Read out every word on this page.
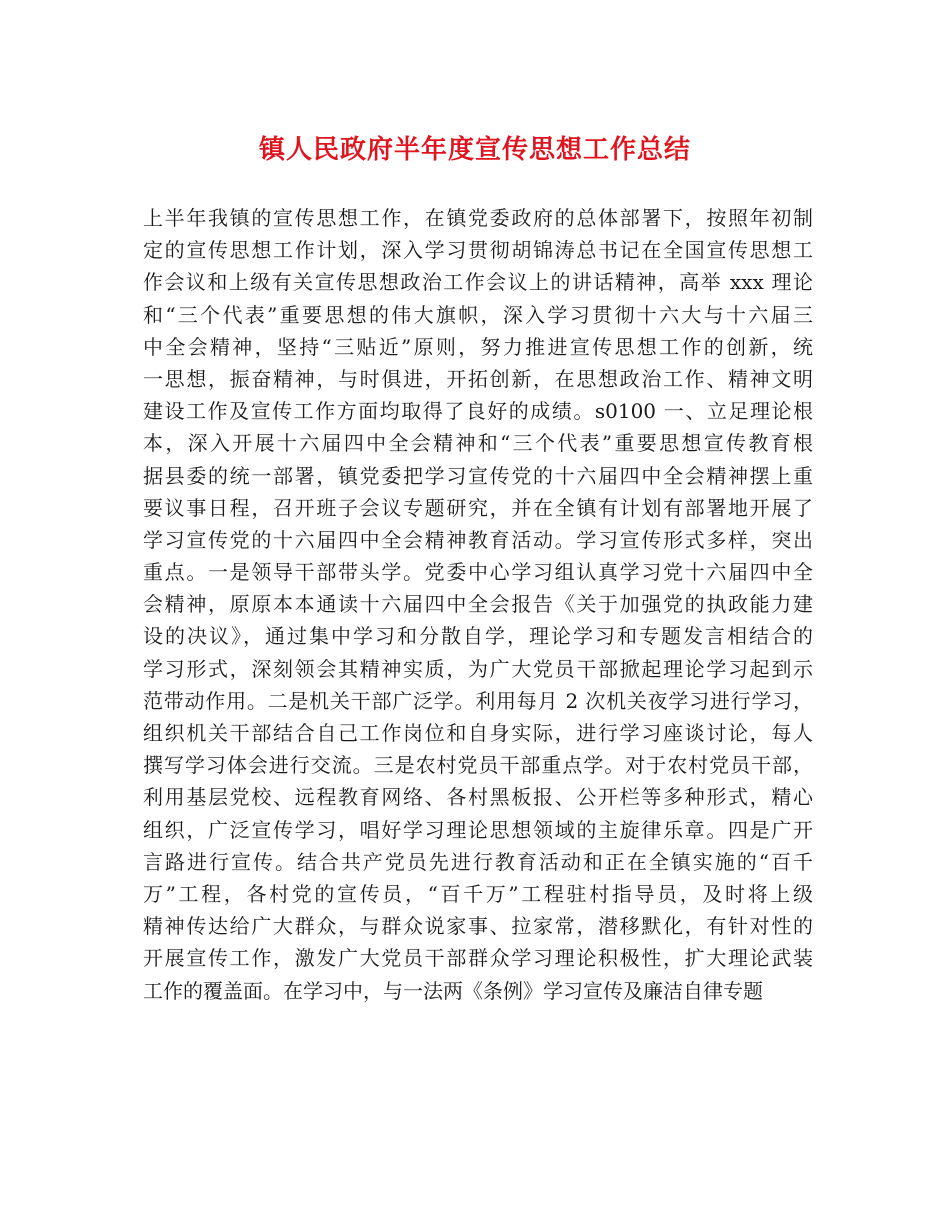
镇人民政府半年度宣传思想工作总结
上半年我镇的宣传思想工作，在镇党委政府的总体部署下，按照年初制
定的宣传思想工作计划，深入学习贯彻胡锦涛总书记在全国宣传思想工
作会议和上级有关宣传思想政治工作会议上的讲话精神，高举 xxx 理论
和“三个代表”重要思想的伟大旗帜，深入学习贯彻十六大与十六届三
中全会精神，坚持“三贴近”原则，努力推进宣传思想工作的创新，统
一思想，振奋精神，与时俱进，开拓创新，在思想政治工作、精神文明
建设工作及宣传工作方面均取得了良好的成绩。s0100 一、立足理论根
本，深入开展十六届四中全会精神和“三个代表”重要思想宣传教育根
据县委的统一部署，镇党委把学习宣传党的十六届四中全会精神摆上重
要议事日程，召开班子会议专题研究，并在全镇有计划有部署地开展了
学习宣传党的十六届四中全会精神教育活动。学习宣传形式多样，突出
重点。一是领导干部带头学。党委中心学习组认真学习党十六届四中全
会精神，原原本本通读十六届四中全会报告《关于加强党的执政能力建
设的决议》，通过集中学习和分散自学，理论学习和专题发言相结合的
学习形式，深刻领会其精神实质，为广大党员干部掀起理论学习起到示
范带动作用。二是机关干部广泛学。利用每月 2 次机关夜学习进行学习，
组织机关干部结合自己工作岗位和自身实际，进行学习座谈讨论，每人
撰写学习体会进行交流。三是农村党员干部重点学。对于农村党员干部，
利用基层党校、远程教育网络、各村黑板报、公开栏等多种形式，精心
组织，广泛宣传学习，唱好学习理论思想领域的主旋律乐章。四是广开
言路进行宣传。结合共产党员先进行教育活动和正在全镇实施的“百千
万”工程，各村党的宣传员，“百千万”工程驻村指导员，及时将上级
精神传达给广大群众，与群众说家事、拉家常，潜移默化，有针对性的
开展宣传工作，激发广大党员干部群众学习理论积极性，扩大理论武装
工作的覆盖面。在学习中，与一法两《条例》学习宣传及廉洁自律专题
